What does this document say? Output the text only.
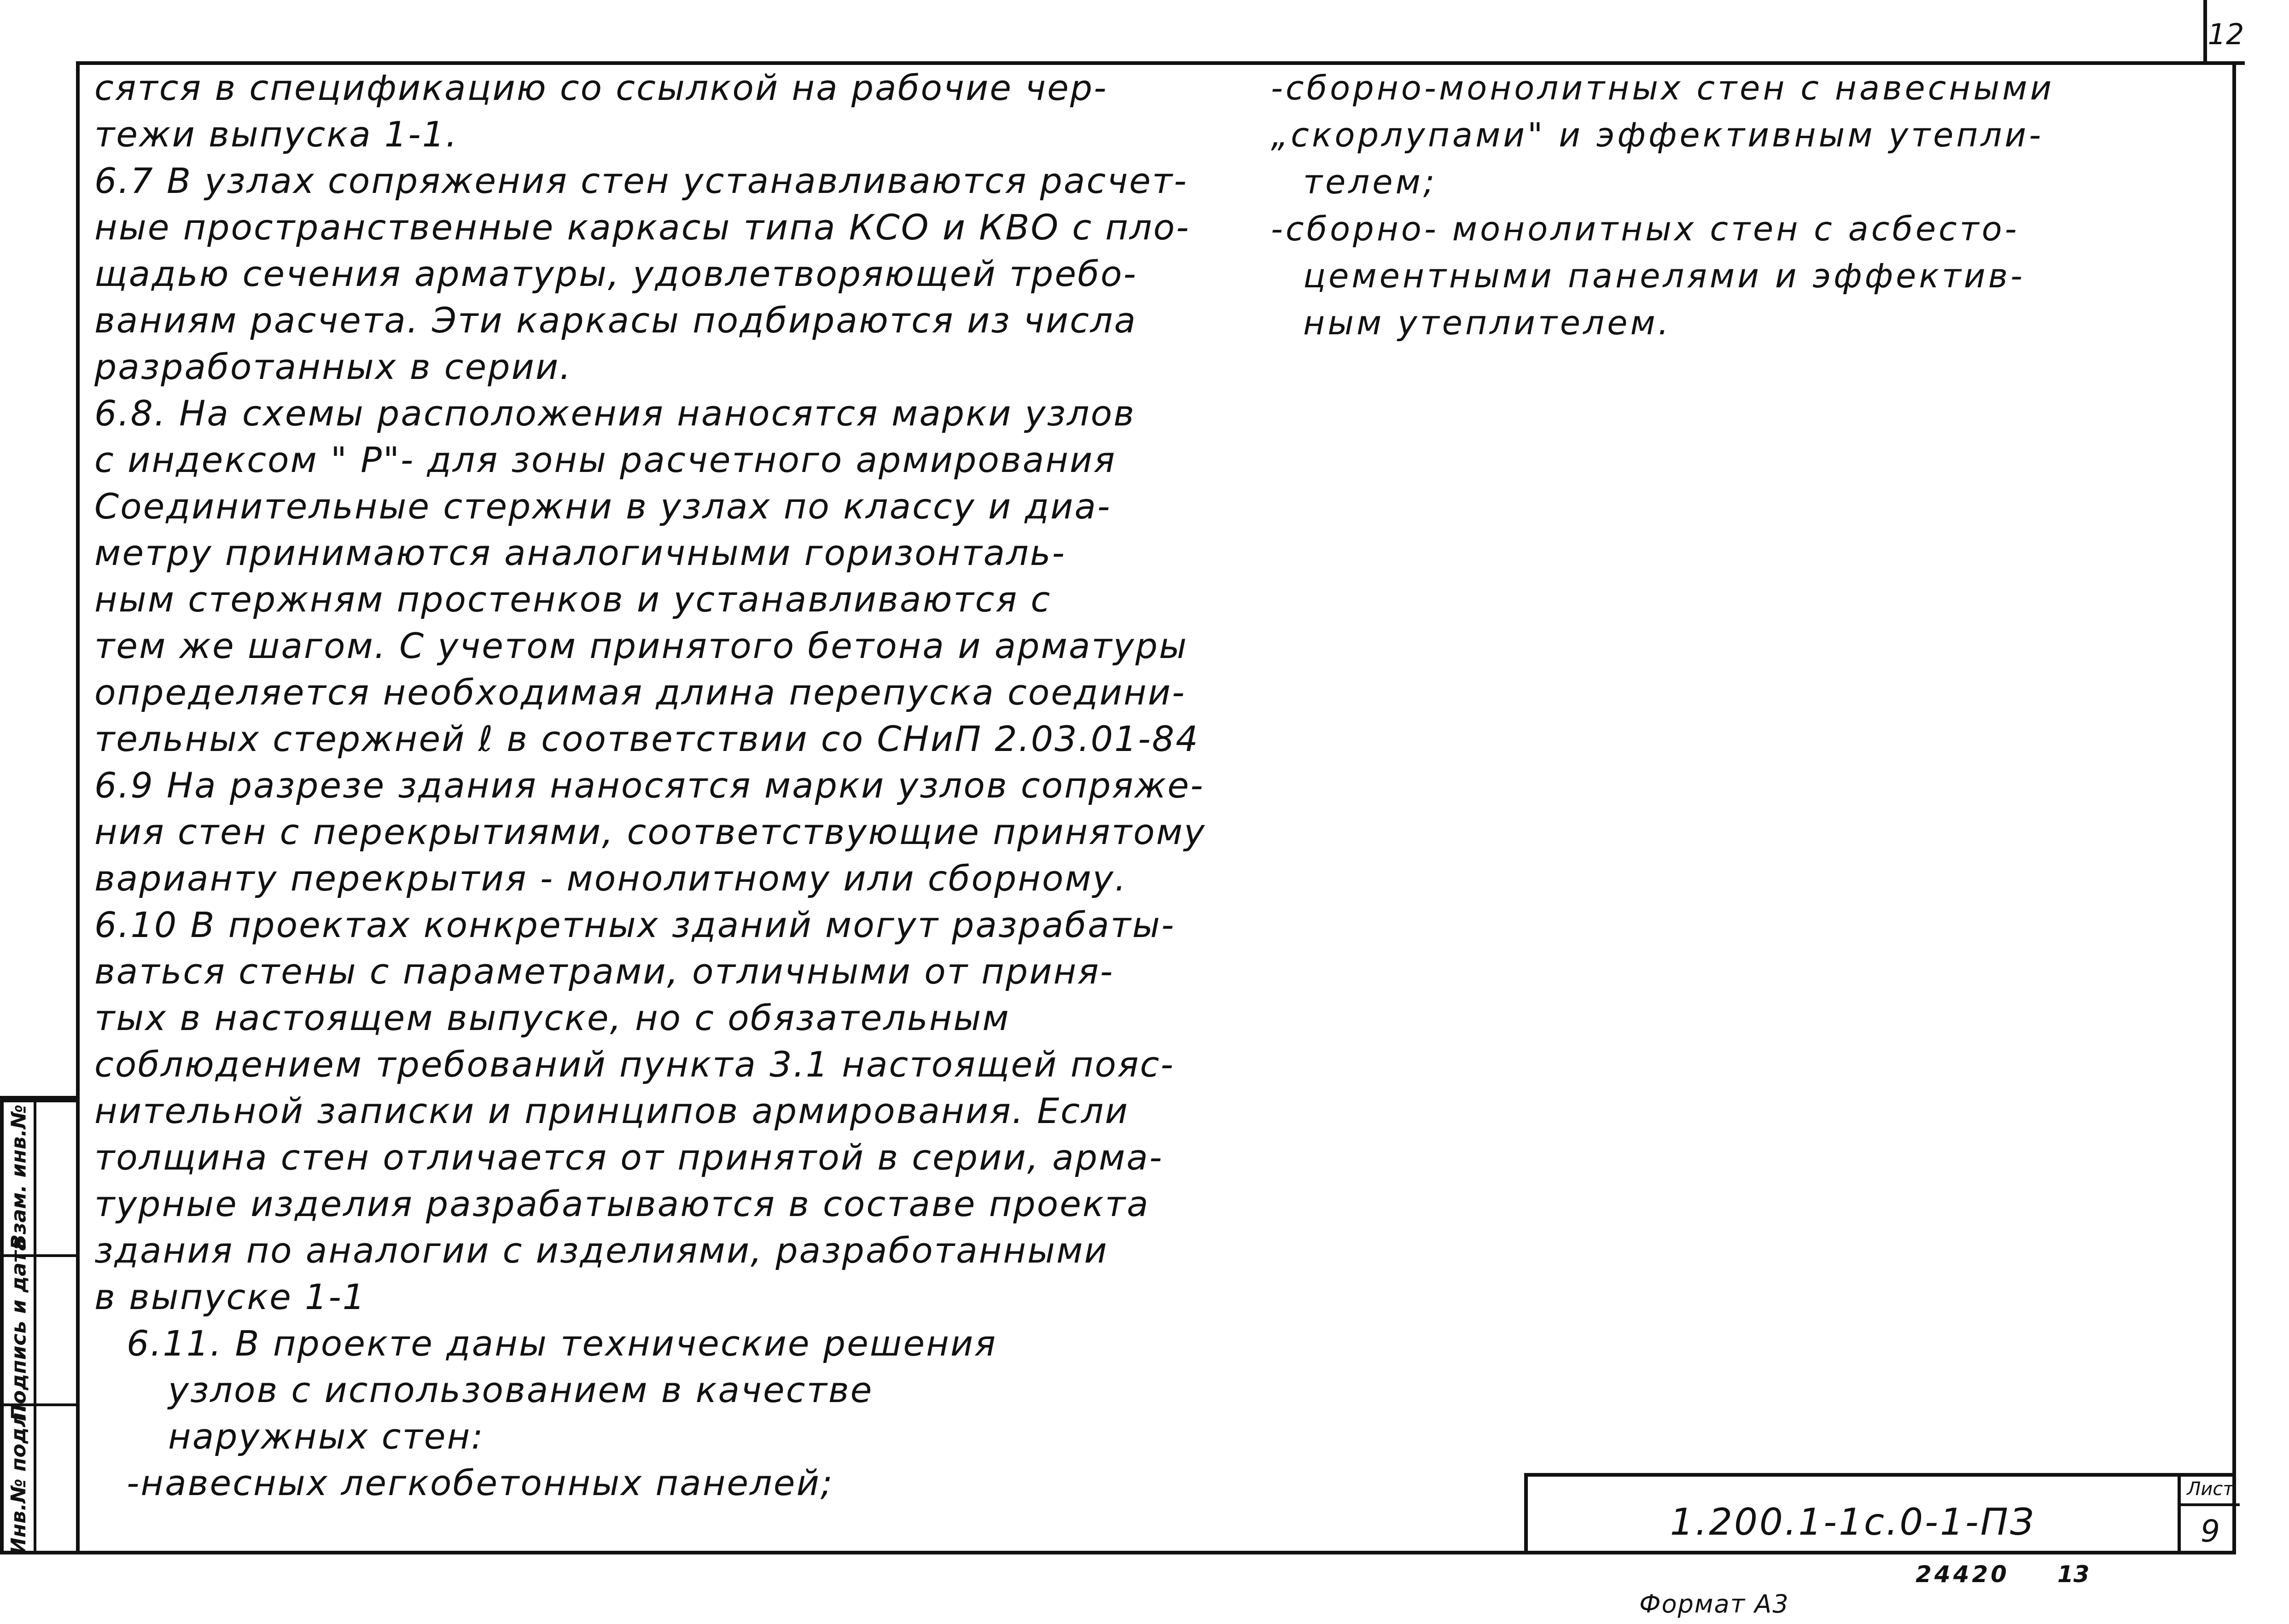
12
Взам. инв.№
Подпись и дата
Инв.№ подл.
сятся в спецификацию со ссылкой на рабочие чер-
тежи выпуска 1-1.
6.7 В узлах сопряжения стен устанавливаются расчет-
ные пространственные каркасы типа КСО и КВО с пло-
щадью сечения арматуры, удовлетворяющей требо-
ваниям расчета. Эти каркасы подбираются из числа
разработанных в серии.
6.8. На схемы расположения наносятся марки узлов
с индексом " Р"- для зоны расчетного армирования
Соединительные стержни в узлах по классу и диа-
метру принимаются аналогичными горизонталь-
ным стержням простенков и устанавливаются с
тем же шагом. С учетом принятого бетона и арматуры
определяется необходимая длина перепуска соедини-
тельных стержней ℓ в соответствии со СНиП 2.03.01-84
6.9 На разрезе здания наносятся марки узлов сопряже-
ния стен с перекрытиями, соответствующие принятому
варианту перекрытия - монолитному или сборному.
6.10 В проектах конкретных зданий могут разрабаты-
ваться стены с параметрами, отличными от приня-
тых в настоящем выпуске, но с обязательным
соблюдением требований пункта 3.1 настоящей пояс-
нительной записки и принципов армирования. Если
толщина стен отличается от принятой в серии, арма-
турные изделия разрабатываются в составе проекта
здания по аналогии с изделиями, разработанными
в выпуске 1-1
6.11. В проекте даны технические решения
узлов с использованием в качестве
наружных стен:
-навесных легкобетонных панелей;
-сборно-монолитных стен с навесными
„скорлупами" и эффективным утепли-
телем;
-сборно- монолитных стен с асбесто-
цементными панелями и эффектив-
ным утеплителем.
1.200.1-1с.0-1-ПЗ
Лист
9
24420 13
Формат А3
